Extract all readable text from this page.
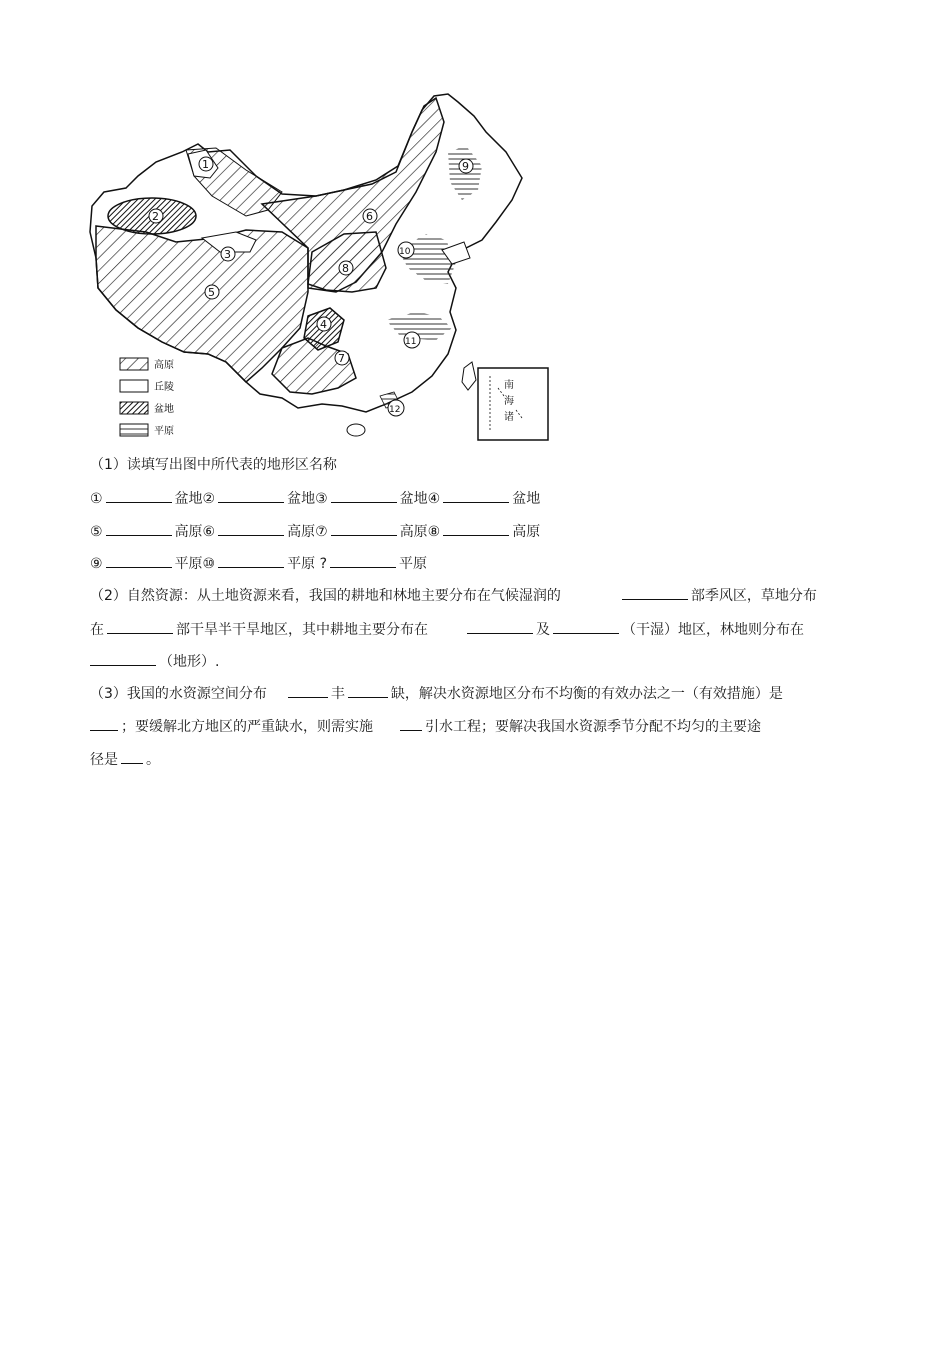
南
海
诸
1
2
3
4
5
6
7
8
9
10
11
12
高原
丘陵
盆地
平原
（1）读填写出图中所代表的地形区名称
①	盆地②	盆地③	盆地④	盆地
⑤	高原⑥	高原⑦	高原⑧	高原
⑨	平原⑩	平原 ?	平原
（2）自然资源：从土地资源来看，我国的耕地和林地主要分布在气候湿润的	部季风区，草地分布
在	部干旱半干旱地区，其中耕地主要分布在	及	（干湿）地区，林地则分布在
（地形）.
（3）我国的水资源空间分布	丰	缺，解决水资源地区分布不均衡的有效办法之一（有效措施）是
；要缓解北方地区的严重缺水，则需实施	引水工程；要解决我国水资源季节分配不均匀的主要途
径是 。
